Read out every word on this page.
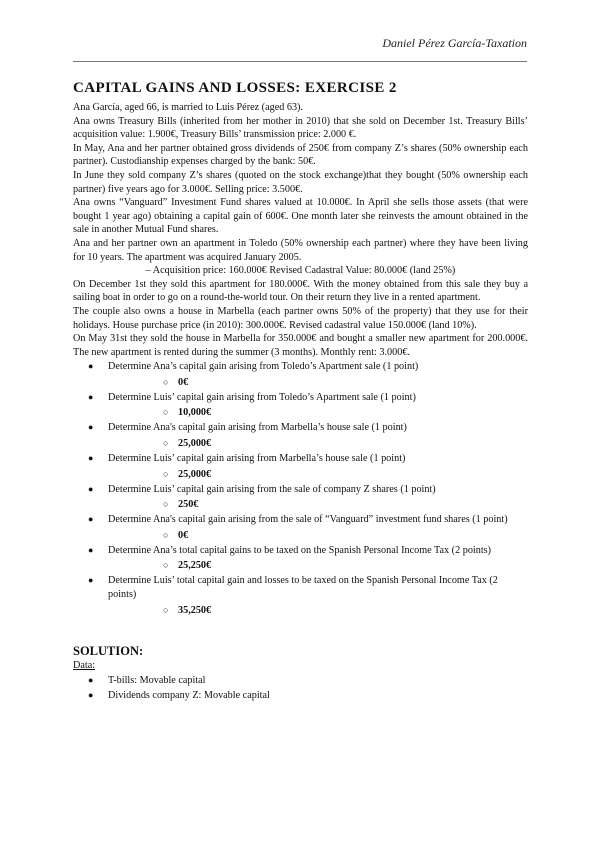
Daniel Pérez García-Taxation
CAPITAL GAINS AND LOSSES: EXERCISE 2

Ana García, aged 66, is married to Luis Pérez (aged 63).

Ana owns Treasury Bills (inherited from her mother in 2010) that she sold on December 1st. Treasury Bills’ acquisition value: 1.900€, Treasury Bills’ transmission price: 2.000 €.

In May, Ana and her partner obtained gross dividends of 250€ from company Z’s shares (50% ownership each partner). Custodianship expenses charged by the bank: 50€.

In June they sold company Z’s shares (quoted on the stock exchange)that they bought (50% ownership each partner) five years ago for 3.000€. Selling price: 3.500€.

Ana owns “Vanguard” Investment Fund shares valued at 10.000€. In April she sells those assets (that were bought 1 year ago) obtaining a capital gain of 600€. One month later she reinvests the amount obtained in the sale in another Mutual Fund shares.

Ana and her partner own an apartment in Toledo (50% ownership each partner) where they have been living for 10 years. The apartment was acquired January 2005.

– Acquisition price: 160.000€ Revised Cadastral Value: 80.000€ (land 25%)

On December 1st they sold this apartment for 180.000€. With the money obtained from this sale they buy a sailing boat in order to go on a round-the-world tour. On their return they live in a rented apartment.

The couple also owns a house in Marbella (each partner owns 50% of the property) that they use for their holidays. House purchase price (in 2010): 300.000€. Revised cadastral value 150.000€ (land 10%).

On May 31st they sold the house in Marbella for 350.000€ and bought a smaller new apartment for 200.000€. The new apartment is rented during the summer (3 months). Monthly rent: 3.000€.

● Determine Ana’s capital gain arising from Toledo’s Apartment sale (1 point)
○ 0€
● Determine Luis’ capital gain arising from Toledo’s Apartment sale (1 point)
○ 10,000€
● Determine Ana's capital gain arising from Marbella’s house sale (1 point)
○ 25,000€
● Determine Luis’ capital gain arising from Marbella’s house sale (1 point)
○ 25,000€
● Determine Luis’ capital gain arising from the sale of company Z shares (1 point)
○ 250€
● Determine Ana's capital gain arising from the sale of “Vanguard” investment fund shares (1 point)
○ 0€
● Determine Ana’s total capital gains to be taxed on the Spanish Personal Income Tax (2 points)
○ 25,250€
● Determine Luis’ total capital gain and losses to be taxed on the Spanish Personal Income Tax (2 points)
○ 35,250€
SOLUTION:
Data:
● T-bills: Movable capital
● Dividends company Z: Movable capital
